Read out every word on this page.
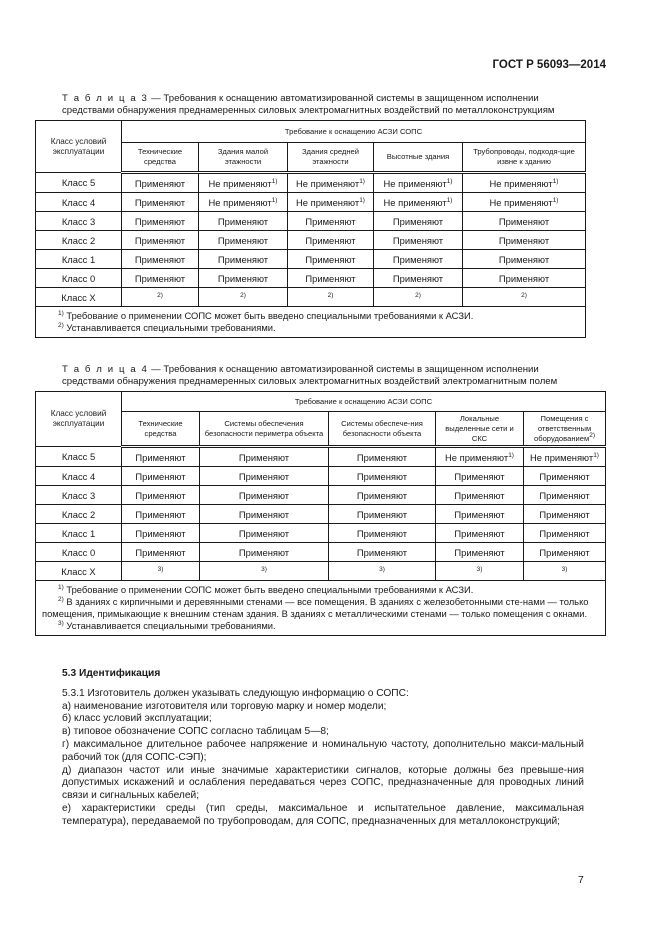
ГОСТ Р 56093—2014
Т а б л и ц а 3 — Требования к оснащению автоматизированной системы в защищенном исполнении средствами обнаружения преднамеренных силовых электромагнитных воздействий по металлоконструкциям
Класс условий эксплуатации	Требование к оснащению АСЗИ СОПС				
	Технические средства	Здания малой этажности	Здания средней этажности	Высотные здания	Трубопроводы, подходя-щие извне к зданию
Класс 5	Применяют	Не применяют$^{1)}$	Не применяют$^{1)}$	Не применяют$^{1)}$	Не применяют$^{1)}$
Класс 4	Применяют	Не применяют$^{1)}$	Не применяют$^{1)}$	Не применяют$^{1)}$	Не применяют$^{1)}$
Класс 3	Применяют	Применяют	Применяют	Применяют	Применяют
Класс 2	Применяют	Применяют	Применяют	Применяют	Применяют
Класс 1	Применяют	Применяют	Применяют	Применяют	Применяют
Класс 0	Применяют	Применяют	Применяют	Применяют	Применяют
Класс X	$^{2)}$	$^{2)}$	$^{2)}$	$^{2)}$	$^{2)}$

$^{1)}$ Требование о применении СОПС может быть введено специальными требованиями к АСЗИ.
$^{2)}$ Устанавливается специальными требованиями.					
Т а б л и ц а 4 — Требования к оснащению автоматизированной системы в защищенном исполнении средствами обнаружения преднамеренных силовых электромагнитных воздействий электромагнитным полем
Класс условий эксплуатации	Требование к оснащению АСЗИ СОПС				
	Технические средства	Системы обеспечения безопасности периметра объекта	Системы обеспече-ния безопасности объекта	Локальные выделенные сети и СКС	Помещения с ответственным оборудованием$^{2)}$
Класс 5	Применяют	Применяют	Применяют	Не применяют$^{1)}$	Не применяют$^{1)}$
Класс 4	Применяют	Применяют	Применяют	Применяют	Применяют
Класс 3	Применяют	Применяют	Применяют	Применяют	Применяют
Класс 2	Применяют	Применяют	Применяют	Применяют	Применяют
Класс 1	Применяют	Применяют	Применяют	Применяют	Применяют
Класс 0	Применяют	Применяют	Применяют	Применяют	Применяют
Класс X	$^{3)}$	$^{3)}$	$^{3)}$	$^{3)}$	$^{3)}$

$^{1)}$ Требование о применении СОПС может быть введено специальными требованиями к АСЗИ.
$^{2)}$ В зданиях с кирпичными и деревянными стенами — все помещения. В зданиях с железобетонными сте-нами — только помещения, примыкающие к внешним стенам здания. В зданиях с металлическими стенами — только помещения с окнами.
$^{3)}$ Устанавливается специальными требованиями.					
5.3 Идентификация

5.3.1 Изготовитель должен указывать следующую информацию о СОПС:

а) наименование изготовителя или торговую марку и номер модели;

б) класс условий эксплуатации;

в) типовое обозначение СОПС согласно таблицам 5—8;

г) максимальное длительное рабочее напряжение и номинальную частоту, дополнительно макси-мальный рабочий ток (для СОПС-СЭП);

д) диапазон частот или иные значимые характеристики сигналов, которые должны без превыше-ния допустимых искажений и ослабления передаваться через СОПС, предназначенные для проводных линий связи и сигнальных кабелей;

е) характеристики среды (тип среды, максимальное и испытательное давление, максимальная температура), передаваемой по трубопроводам, для СОПС, предназначенных для металлоконструкций;

7
